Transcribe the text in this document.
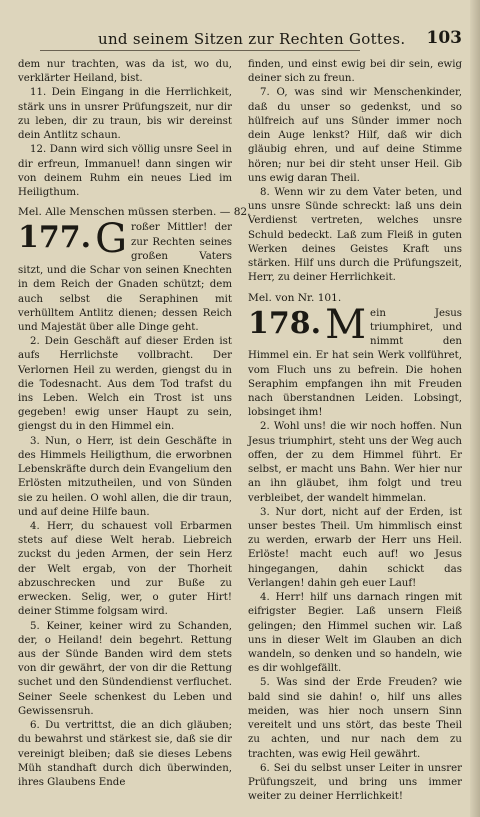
und seinem Sitzen zur Rechten Gottes. 103

dem nur trachten, was da ist, wo du, verklärter Heiland, bist.

11. Dein Eingang in die Herrlichkeit, stärk uns in unsrer Prüfungszeit, nur dir zu leben, dir zu traun, bis wir dereinst dein Antlitz schaun.

12. Dann wird sich völlig unsre Seel in dir erfreun, Immanuel! dann singen wir von deinem Ruhm ein neues Lied im Heiligthum.

Mel. Alle Menschen müssen sterben. — 82.

177. G roßer Mittler! der zur Rechten seines großen Vaters sitzt, und die Schar von seinen Knechten in dem Reich der Gnaden schützt; dem auch selbst die Seraphinen mit verhülltem Antlitz dienen; dessen Reich und Majestät über alle Dinge geht.

2. Dein Geschäft auf dieser Erden ist aufs Herrlichste vollbracht. Der Verlornen Heil zu werden, giengst du in die Todesnacht. Aus dem Tod trafst du ins Leben. Welch ein Trost ist uns gegeben! ewig unser Haupt zu sein, giengst du in den Himmel ein.

3. Nun, o Herr, ist dein Geschäfte in des Himmels Heiligthum, die erworbnen Lebenskräfte durch dein Evangelium den Erlösten mitzutheilen, und von Sünden sie zu heilen. O wohl allen, die dir traun, und auf deine Hilfe baun.

4. Herr, du schauest voll Erbarmen stets auf diese Welt herab. Liebreich zuckst du jeden Armen, der sein Herz der Welt ergab, von der Thorheit abzuschrecken und zur Buße zu erwecken. Selig, wer, o guter Hirt! deiner Stimme folgsam wird.

5. Keiner, keiner wird zu Schanden, der, o Heiland! dein begehrt. Rettung aus der Sünde Banden wird dem stets von dir gewährt, der von dir die Rettung suchet und den Sündendienst verfluchet. Seiner Seele schenkest du Leben und Gewissensruh.

6. Du vertrittst, die an dich gläuben; du bewahrst und stärkest sie, daß sie dir vereinigt bleiben; daß sie dieses Lebens Müh standhaft durch dich überwinden, ihres Glaubens Ende

finden, und einst ewig bei dir sein, ewig deiner sich zu freun.

7. O, was sind wir Menschenkinder, daß du unser so gedenkst, und so hülfreich auf uns Sünder immer noch dein Auge lenkst? Hilf, daß wir dich gläubig ehren, und auf deine Stimme hören; nur bei dir steht unser Heil. Gib uns ewig daran Theil.

8. Wenn wir zu dem Vater beten, und uns unsre Sünde schreckt: laß uns dein Verdienst vertreten, welches unsre Schuld bedeckt. Laß zum Fleiß in guten Werken deines Geistes Kraft uns stärken. Hilf uns durch die Prüfungszeit, Herr, zu deiner Herrlichkeit.

Mel. von Nr. 101.

178. M ein Jesus triumphiret, und nimmt den Himmel ein. Er hat sein Werk vollführet, vom Fluch uns zu befrein. Die hohen Seraphim empfangen ihn mit Freuden nach überstandnen Leiden. Lobsingt, lobsinget ihm!

2. Wohl uns! die wir noch hoffen. Nun Jesus triumphirt, steht uns der Weg auch offen, der zu dem Himmel führt. Er selbst, er macht uns Bahn. Wer hier nur an ihn gläubet, ihm folgt und treu verbleibet, der wandelt himmelan.

3. Nur dort, nicht auf der Erden, ist unser bestes Theil. Um himmlisch einst zu werden, erwarb der Herr uns Heil. Erlöste! macht euch auf! wo Jesus hingegangen, dahin schickt das Verlangen! dahin geh euer Lauf!

4. Herr! hilf uns darnach ringen mit eifrigster Begier. Laß unsern Fleiß gelingen; den Himmel suchen wir. Laß uns in dieser Welt im Glauben an dich wandeln, so denken und so handeln, wie es dir wohlgefällt.

5. Was sind der Erde Freuden? wie bald sind sie dahin! o, hilf uns alles meiden, was hier noch unsern Sinn vereitelt und uns stört, das beste Theil zu achten, und nur nach dem zu trachten, was ewig Heil gewährt.

6. Sei du selbst unser Leiter in unsrer Prüfungszeit, und bring uns immer weiter zu deiner Herrlichkeit!
